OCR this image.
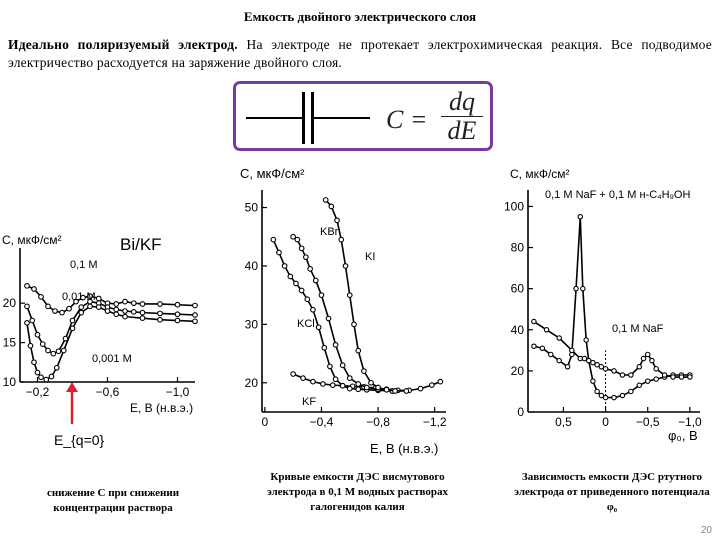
Емкость двойного электрического слоя
Идеально поляризуемый электрод. На электроде не протекает электрохимическая реакция. Все подводимое электричество расходуется на заряжение двойного слоя.
$C = \frac{dq}{dE}$
C, мкФ/см²	Bi/KF
E, В (н.в.э.)
E_{q=0}
10
15
20
−0,2	−0,6	−1,0
0,1 М
0,01 М
0,001 М
C, мкФ/см²
E, В (н.в.э.)
20
30
40
50
0	−0,4	−0,8	−1,2
KF
KCl
KBr
KI
C, мкФ/см²
φ₀, В
0
20
40
60
80
100
0,5	0 −0,5 −1,0
0,1 М NaF + 0,1 М н-C₄H₉OH
0,1 М NaF
снижение С при снижении концентрации раствора
Кривые емкости ДЭС висмутового электрода в 0,1 М водных растворах галогенидов калия
Зависимость емкости ДЭС ртутного электрода от приведенного потенциала φ₀
20
